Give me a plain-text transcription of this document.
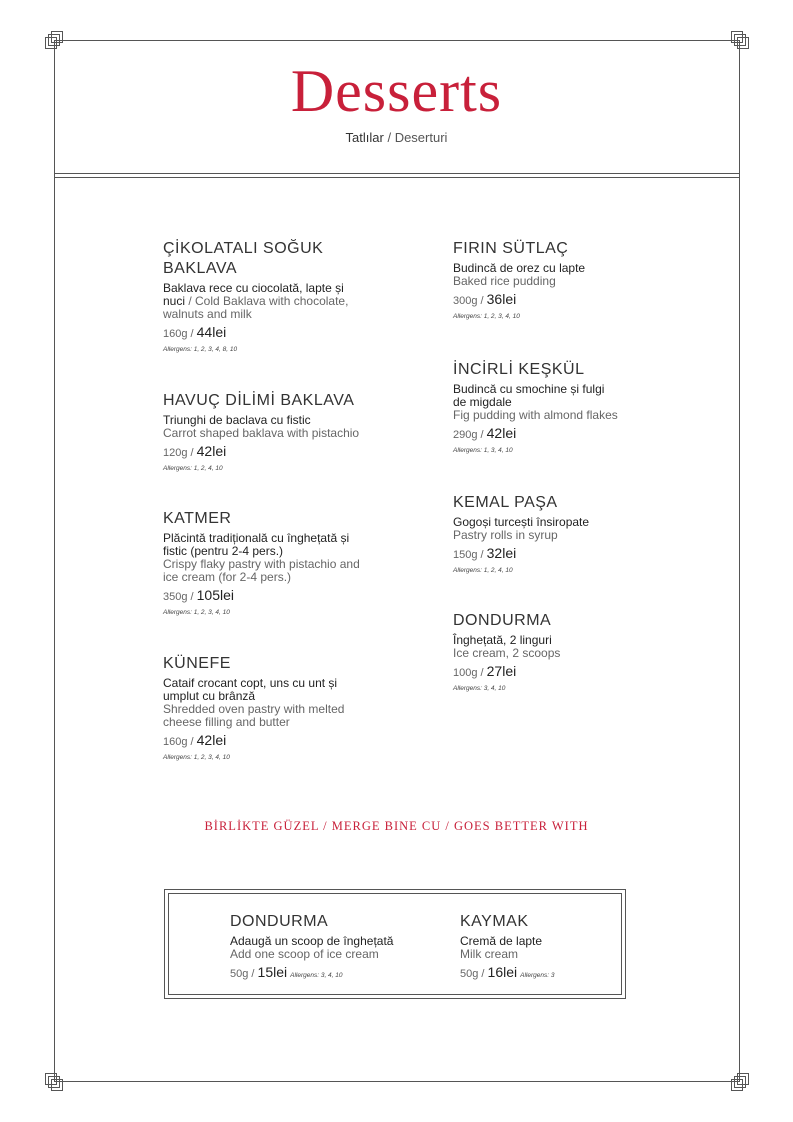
Desserts
Tatlılar / Deserturi
ÇİKOLATALI SOĞUK BAKLAVA
Baklava rece cu ciocolată, lapte și nuci / Cold Baklava with chocolate, walnuts and milk
160g / 44lei
Allergens: 1, 2, 3, 4, 8, 10
HAVUÇ DİLİMİ BAKLAVA
Triunghi de baclava cu fistic
Carrot shaped baklava with pistachio
120g / 42lei
Allergens: 1, 2, 4, 10
KATMER
Plăcintă tradițională cu înghețată și fistic (pentru 2-4 pers.)
Crispy flaky pastry with pistachio and ice cream (for 2-4 pers.)
350g / 105lei
Allergens: 1, 2, 3, 4, 10
KÜNEFE
Cataif crocant copt, uns cu unt și umplut cu brânză
Shredded oven pastry with melted cheese filling and butter
160g / 42lei
Allergens: 1, 2, 3, 4, 10
FIRIN SÜTLAÇ
Budincă de orez cu lapte
Baked rice pudding
300g / 36lei
Allergens: 1, 2, 3, 4, 10
İNCİRLİ KEŞKÜL
Budincă cu smochine și fulgi de migdale
Fig pudding with almond flakes
290g / 42lei
Allergens: 1, 3, 4, 10
KEMAL PAŞA
Gogoși turcești însiropate
Pastry rolls in syrup
150g / 32lei
Allergens: 1, 2, 4, 10
DONDURMA
Înghețată, 2 linguri
Ice cream, 2 scoops
100g / 27lei
Allergens: 3, 4, 10
BİRLİKTE GÜZEL / MERGE BINE CU / GOES BETTER WITH
DONDURMA
Adaugă un scoop de înghețată
Add one scoop of ice cream
50g / 15lei Allergens: 3, 4, 10
KAYMAK
Cremă de lapte
Milk cream
50g / 16lei Allergens: 3
